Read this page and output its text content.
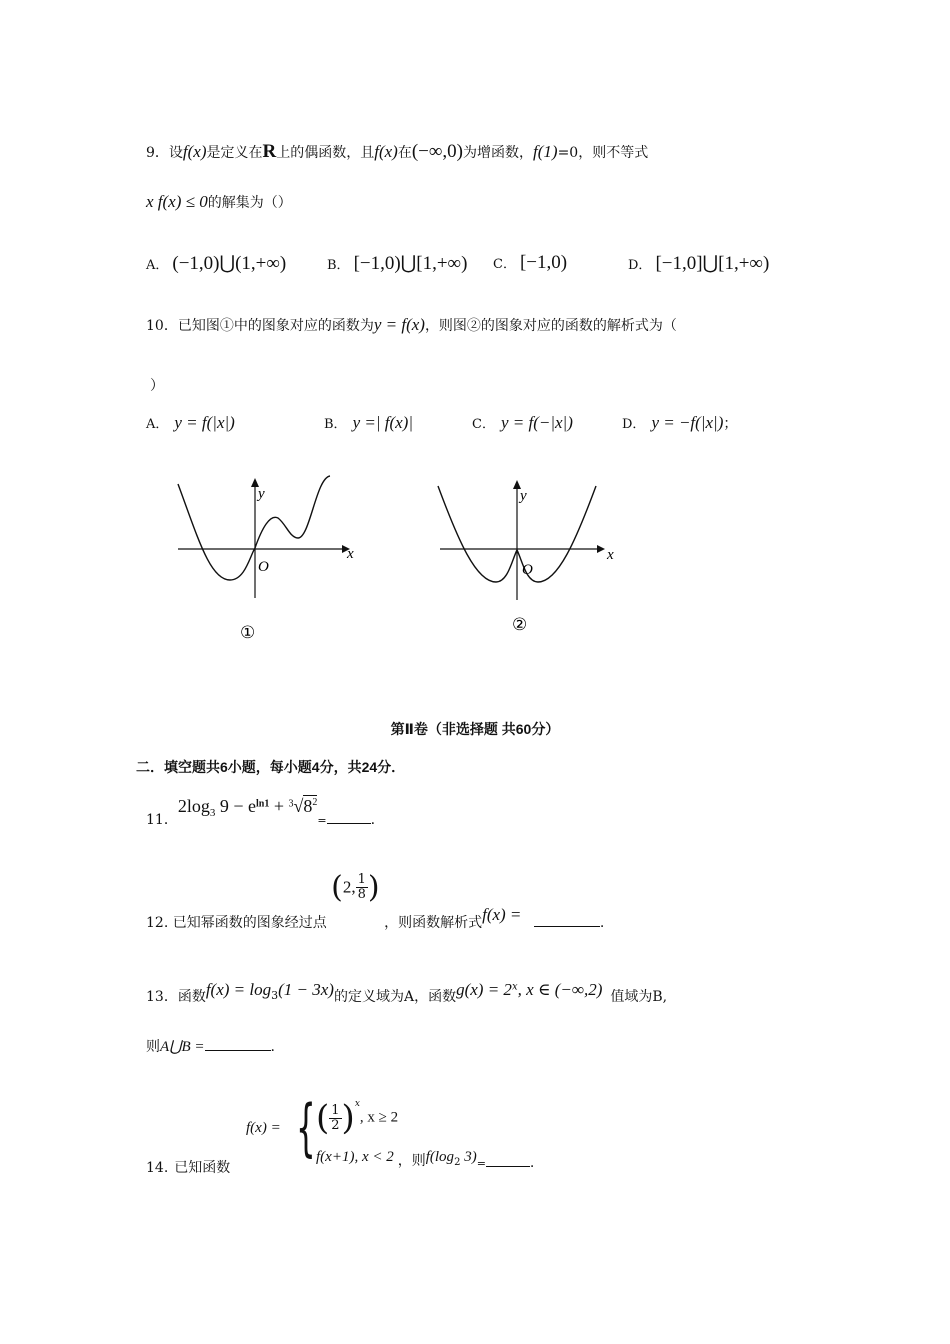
9．设f(x)是定义在R上的偶函数，且f(x)在(−∞,0)为增函数，f(1)=0，则不等式
x f(x) ≤ 0的解集为（）
A． (−1,0)⋃(1,+∞)	B． [−1,0)⋃[1,+∞) C． [−1,0)	D． [−1,0]⋃[1,+∞)
10．已知图①中的图象对应的函数为y = f(x)，则图②的图象对应的函数的解析式为（
）
A． y = f(|x|)	B． y =| f(x)|	C． y = f(−|x|)	D． y = −f(|x|)；
x
y
O
①
x
y
O
②
第Ⅱ卷（非选择题 共60分）
二．填空题共6小题，每小题4分，共24分．
11．$2\log_3$ $9 - e^{ln1} + ^3√8^2_=$	.
12. 已知幂函数的图象经过点 (2, $\frac{1}{8}$ ) ，则函数解析式f(x) =	.
13．函数$f(x) = \log_3(1 - 3x)$的定义域为A，函数$g(x) = 2^x$, x ∈ (−∞,2) 值域为B,
则A⋃B =	.
14. 已知函数
f(x) = { ( $\frac{1}{2} )^x$, x ≥ 2
f(x+1), x < 2 ，则$f(\log_2$ $3)_=$	.
